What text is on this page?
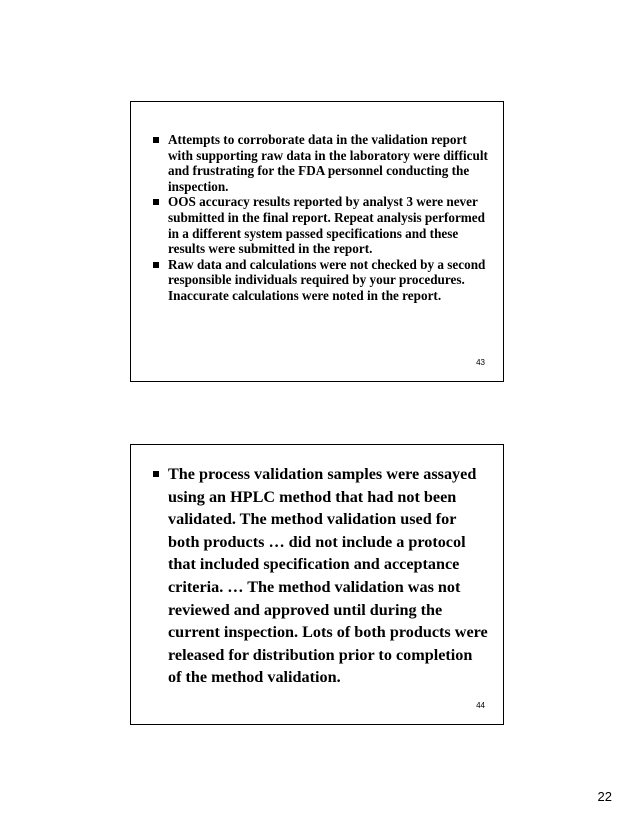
Attempts to corroborate data in the validation report with supporting raw data in the laboratory were difficult and frustrating for the FDA personnel conducting the inspection.
OOS accuracy results reported by analyst 3 were never submitted in the final report. Repeat analysis performed in a different system passed specifications and these results were submitted in the report.
Raw data and calculations were not checked by a second responsible individuals required by your procedures. Inaccurate calculations were noted in the report.
43
The process validation samples were assayed using an HPLC method that had not been validated. The method validation used for both products … did not include a protocol that included specification and acceptance criteria. … The method validation was not reviewed and approved until during the current inspection. Lots of both products were released for distribution prior to completion of the method validation.
44
22
